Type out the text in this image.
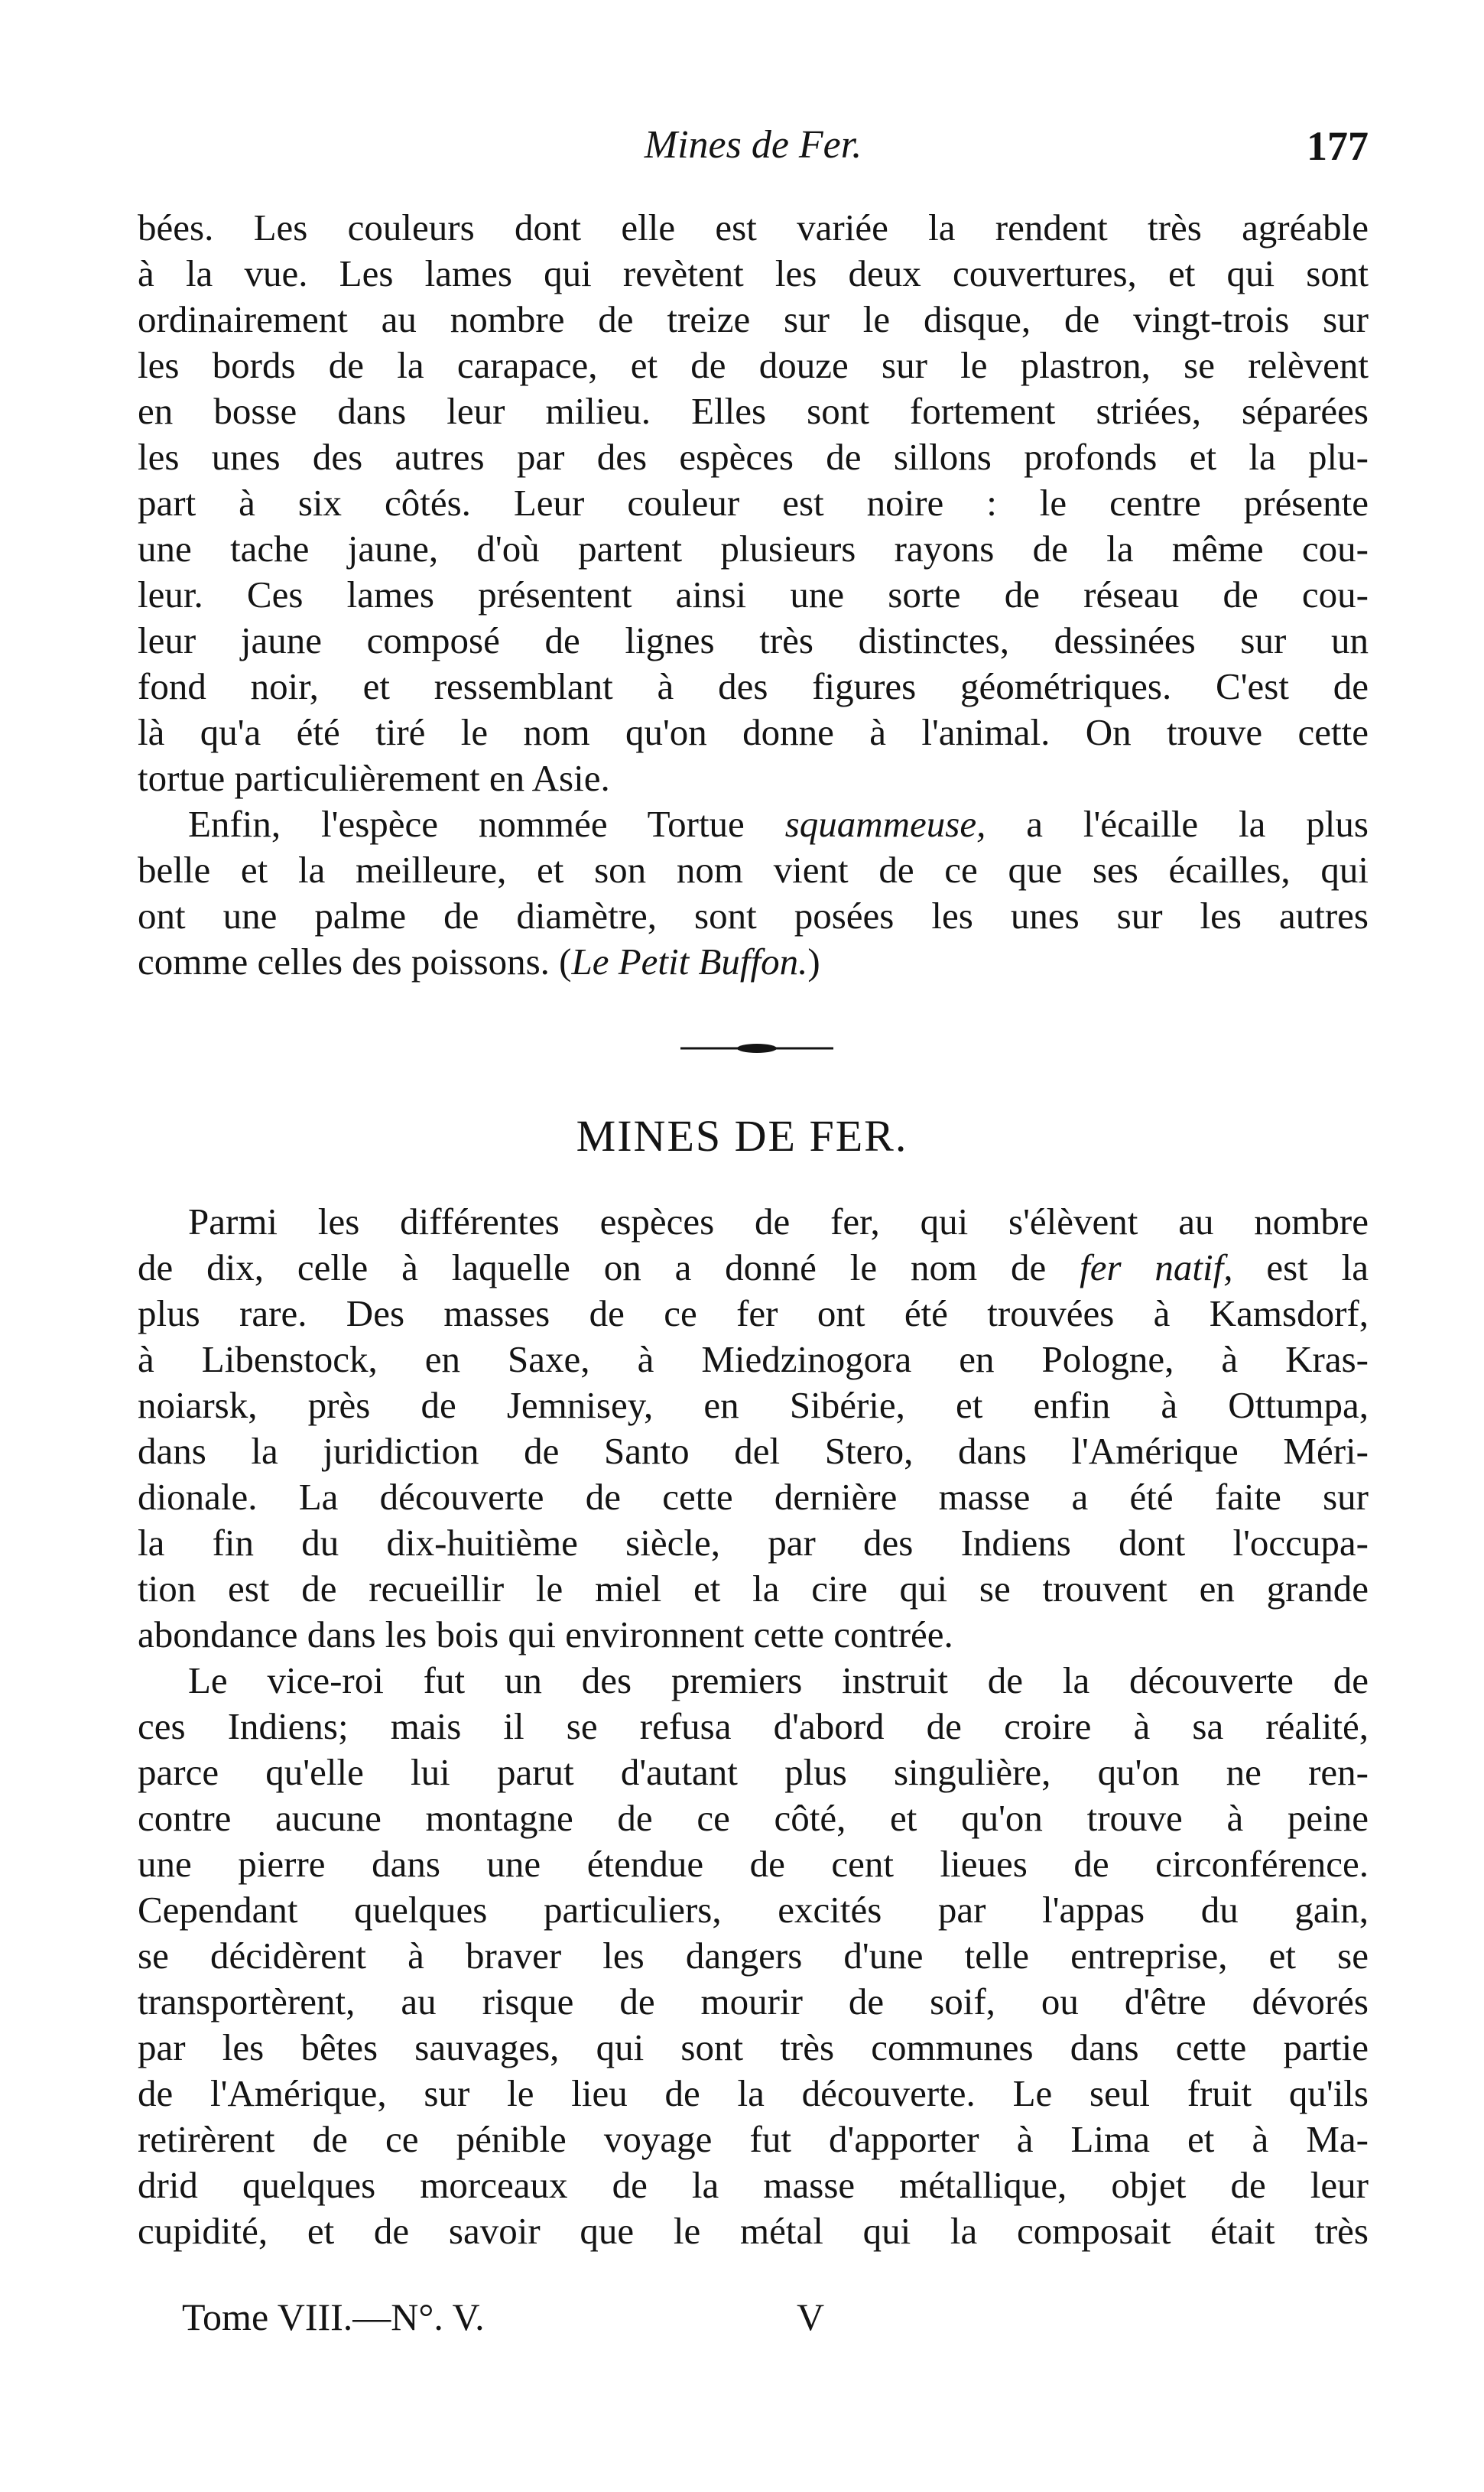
Mines de Fer.	177
bées. Les couleurs dont elle est variée la rendent très agréable
à la vue. Les lames qui revètent les deux couvertures, et qui sont
ordinairement au nombre de treize sur le disque, de vingt-trois sur
les bords de la carapace, et de douze sur le plastron, se relèvent
en bosse dans leur milieu. Elles sont fortement striées, séparées
les unes des autres par des espèces de sillons profonds et la plu-
part à six côtés. Leur couleur est noire : le centre présente
une tache jaune, d'où partent plusieurs rayons de la même cou-
leur. Ces lames présentent ainsi une sorte de réseau de cou-
leur jaune composé de lignes très distinctes, dessinées sur un
fond noir, et ressemblant à des figures géométriques. C'est de
là qu'a été tiré le nom qu'on donne à l'animal. On trouve cette
tortue particulièrement en Asie.
Enfin, l'espèce nommée Tortue squammeuse, a l'écaille la plus
belle et la meilleure, et son nom vient de ce que ses écailles, qui
ont une palme de diamètre, sont posées les unes sur les autres
comme celles des poissons. (Le Petit Buffon.)
MINES DE FER.
Parmi les différentes espèces de fer, qui s'élèvent au nombre
de dix, celle à laquelle on a donné le nom de fer natif, est la
plus rare. Des masses de ce fer ont été trouvées à Kamsdorf,
à Libenstock, en Saxe, à Miedzinogora en Pologne, à Kras-
noiarsk, près de Jemnisey, en Sibérie, et enfin à Ottumpa,
dans la juridiction de Santo del Stero, dans l'Amérique Méri-
dionale. La découverte de cette dernière masse a été faite sur
la fin du dix-huitième siècle, par des Indiens dont l'occupa-
tion est de recueillir le miel et la cire qui se trouvent en grande
abondance dans les bois qui environnent cette contrée.
Le vice-roi fut un des premiers instruit de la découverte de
ces Indiens; mais il se refusa d'abord de croire à sa réalité,
parce qu'elle lui parut d'autant plus singulière, qu'on ne ren-
contre aucune montagne de ce côté, et qu'on trouve à peine
une pierre dans une étendue de cent lieues de circonférence.
Cependant quelques particuliers, excités par l'appas du gain,
se décidèrent à braver les dangers d'une telle entreprise, et se
transportèrent, au risque de mourir de soif, ou d'être dévorés
par les bêtes sauvages, qui sont très communes dans cette partie
de l'Amérique, sur le lieu de la découverte. Le seul fruit qu'ils
retirèrent de ce pénible voyage fut d'apporter à Lima et à Ma-
drid quelques morceaux de la masse métallique, objet de leur
cupidité, et de savoir que le métal qui la composait était très
Tome VIII.—N°. V.	V
